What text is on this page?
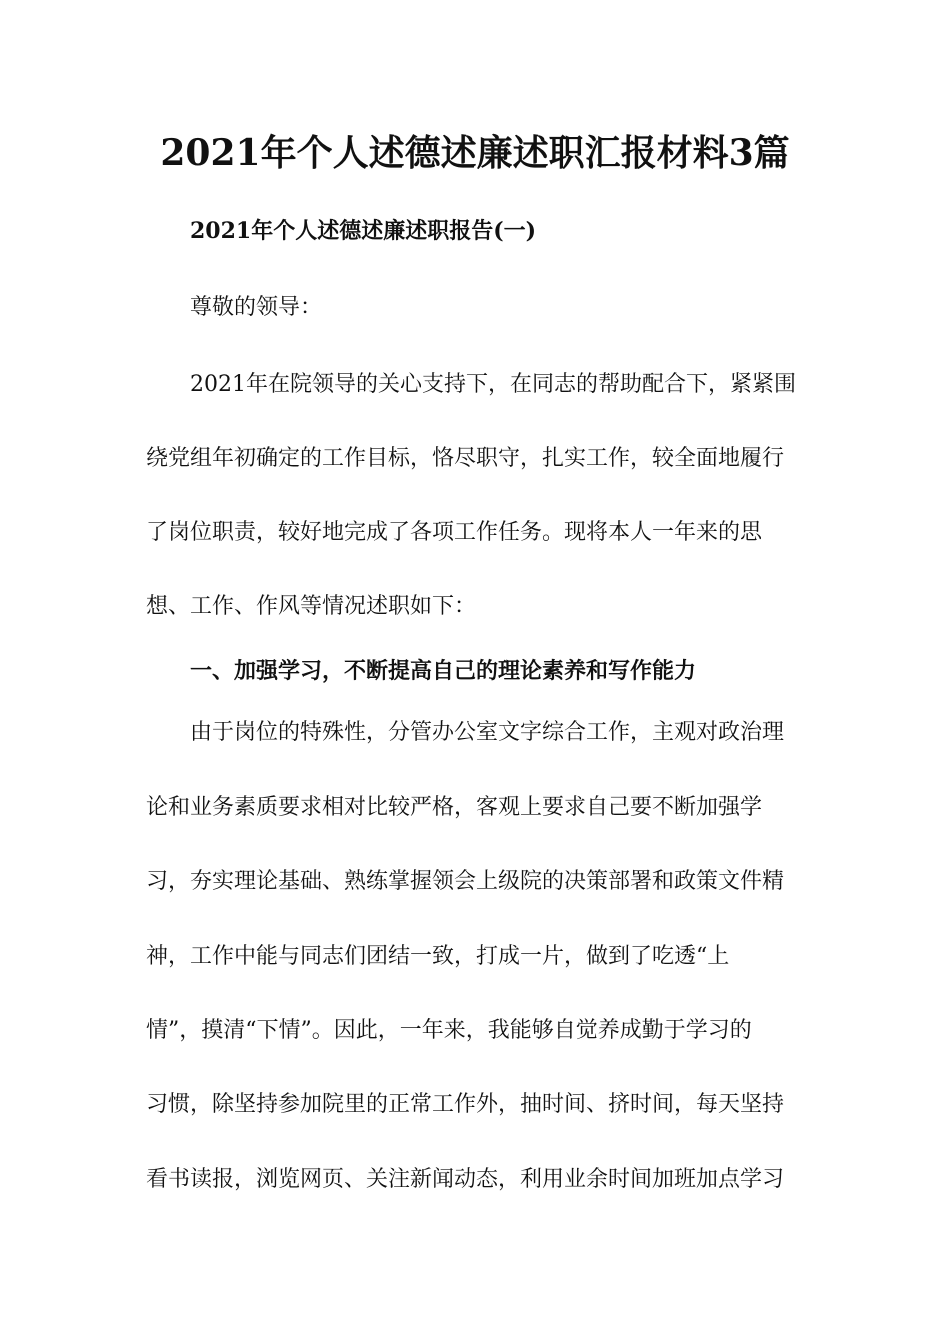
2021年个人述德述廉述职汇报材料3篇

2021年个人述德述廉述职报告(一)

尊敬的领导：

2021年在院领导的关心支持下，在同志的帮助配合下，紧紧围

绕党组年初确定的工作目标，恪尽职守，扎实工作，较全面地履行

了岗位职责，较好地完成了各项工作任务。现将本人一年来的思

想、工作、作风等情况述职如下：

一、加强学习，不断提高自己的理论素养和写作能力

由于岗位的特殊性，分管办公室文字综合工作，主观对政治理

论和业务素质要求相对比较严格，客观上要求自己要不断加强学

习，夯实理论基础、熟练掌握领会上级院的决策部署和政策文件精

神，工作中能与同志们团结一致，打成一片，做到了吃透“上

情”，摸清“下情”。因此，一年来，我能够自觉养成勤于学习的

习惯，除坚持参加院里的正常工作外，抽时间、挤时间，每天坚持

看书读报，浏览网页、关注新闻动态，利用业余时间加班加点学习
